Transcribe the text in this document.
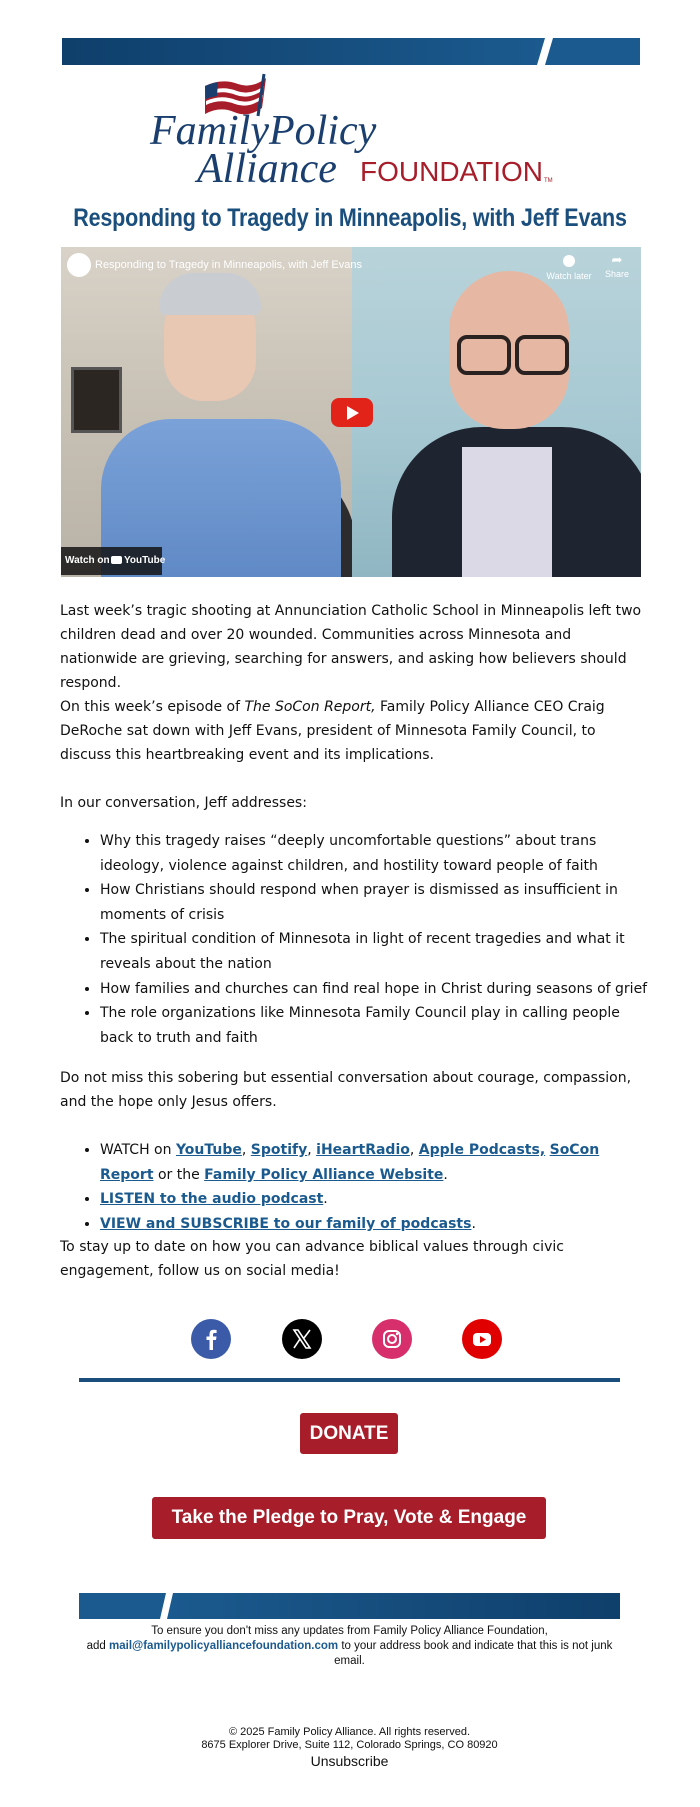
FamilyPolicy
Alliance FOUNDATION TM
Responding to Tragedy in Minneapolis, with Jeff Evans
Responding to Tragedy in Minneapolis, with Jeff Evans
Watch later
➦
Share
Watch on YouTube

Last week’s tragic shooting at Annunciation Catholic School in Minneapolis left two children dead and over 20 wounded. Communities across Minnesota and nationwide are grieving, searching for answers, and asking how believers should respond.

On this week’s episode of The SoCon Report, Family Policy Alliance CEO Craig DeRoche sat down with Jeff Evans, president of Minnesota Family Council, to discuss this heartbreaking event and its implications.

In our conversation, Jeff addresses:

• Why this tragedy raises “deeply uncomfortable questions” about trans ideology, violence against children, and hostility toward people of faith
• How Christians should respond when prayer is dismissed as insufficient in moments of crisis
• The spiritual condition of Minnesota in light of recent tragedies and what it reveals about the nation
• How families and churches can find real hope in Christ during seasons of grief
• The role organizations like Minnesota Family Council play in calling people back to truth and faith

Do not miss this sobering but essential conversation about courage, compassion, and the hope only Jesus offers.

• WATCH on YouTube, Spotify, iHeartRadio, Apple Podcasts, SoCon Report or the Family Policy Alliance Website.
• LISTEN to the audio podcast.
• VIEW and SUBSCRIBE to our family of podcasts.

To stay up to date on how you can advance biblical values through civic engagement, follow us on social media!

DONATE
Take the Pledge to Pray, Vote & Engage
To ensure you don't miss any updates from Family Policy Alliance Foundation,
add mail@familypolicyalliancefoundation.com to your address book and indicate that this is not junk email.
© 2025 Family Policy Alliance. All rights reserved.
8675 Explorer Drive, Suite 112, Colorado Springs, CO 80920
Unsubscribe
